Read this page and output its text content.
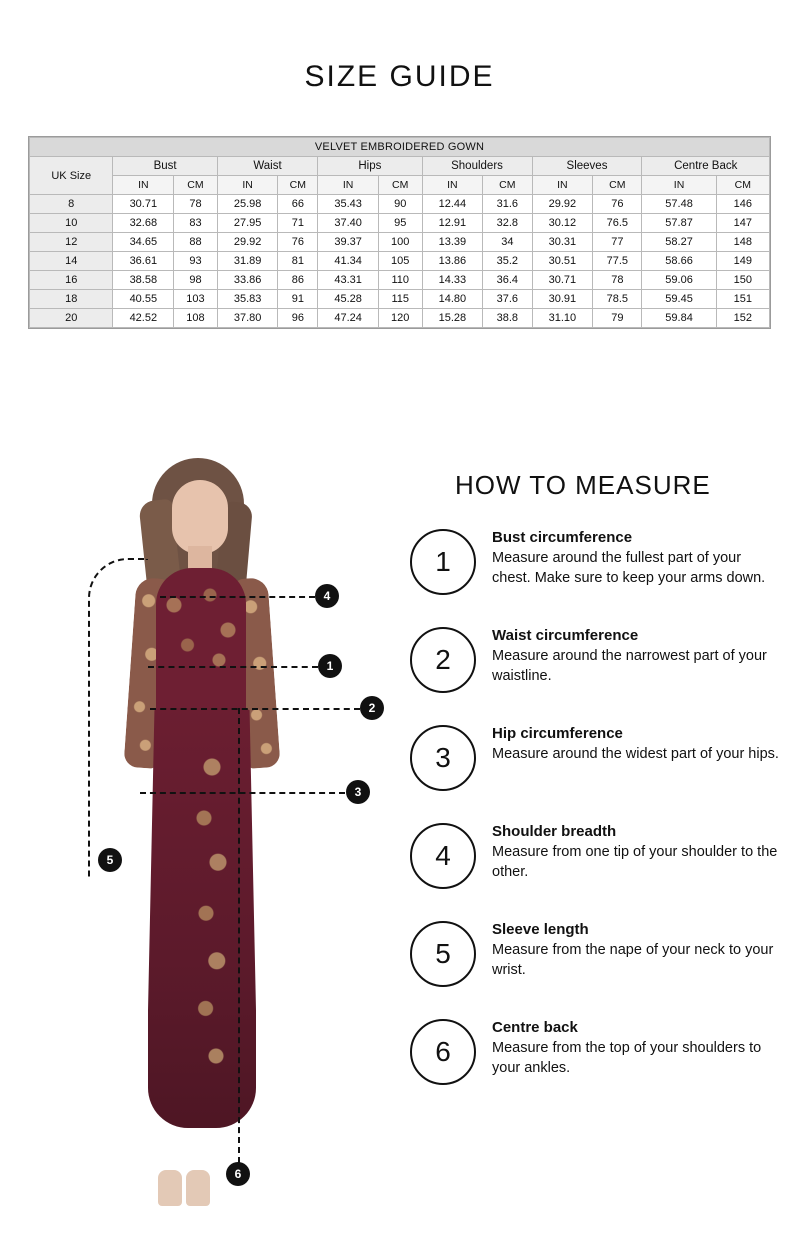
SIZE GUIDE
VELVET EMBROIDERED GOWN												
UK Size	Bust		Waist		Hips		Shoulders		Sleeves		Centre Back	
	IN	CM	IN	CM	IN	CM	IN	CM	IN	CM	IN	CM
8	30.71	78	25.98	66	35.43	90	12.44	31.6	29.92	76	57.48	146
10	32.68	83	27.95	71	37.40	95	12.91	32.8	30.12	76.5	57.87	147
12	34.65	88	29.92	76	39.37	100	13.39	34	30.31	77	58.27	148
14	36.61	93	31.89	81	41.34	105	13.86	35.2	30.51	77.5	58.66	149
16	38.58	98	33.86	86	43.31	110	14.33	36.4	30.71	78	59.06	150
18	40.55	103	35.83	91	45.28	115	14.80	37.6	30.91	78.5	59.45	151
20	42.52	108	37.80	96	47.24	120	15.28	38.8	31.10	79	59.84	152
4
1
2
3
5
6
HOW TO MEASURE
1
Bust circumference
Measure around the fullest part of your chest. Make sure to keep your arms down.
2
Waist circumference
Measure around the narrowest part of your waistline.
3
Hip circumference
Measure around the widest part of your hips.
4
Shoulder breadth
Measure from one tip of your shoulder to the other.
5
Sleeve length
Measure from the nape of your neck to your wrist.
6
Centre back
Measure from the top of your shoulders to your ankles.
